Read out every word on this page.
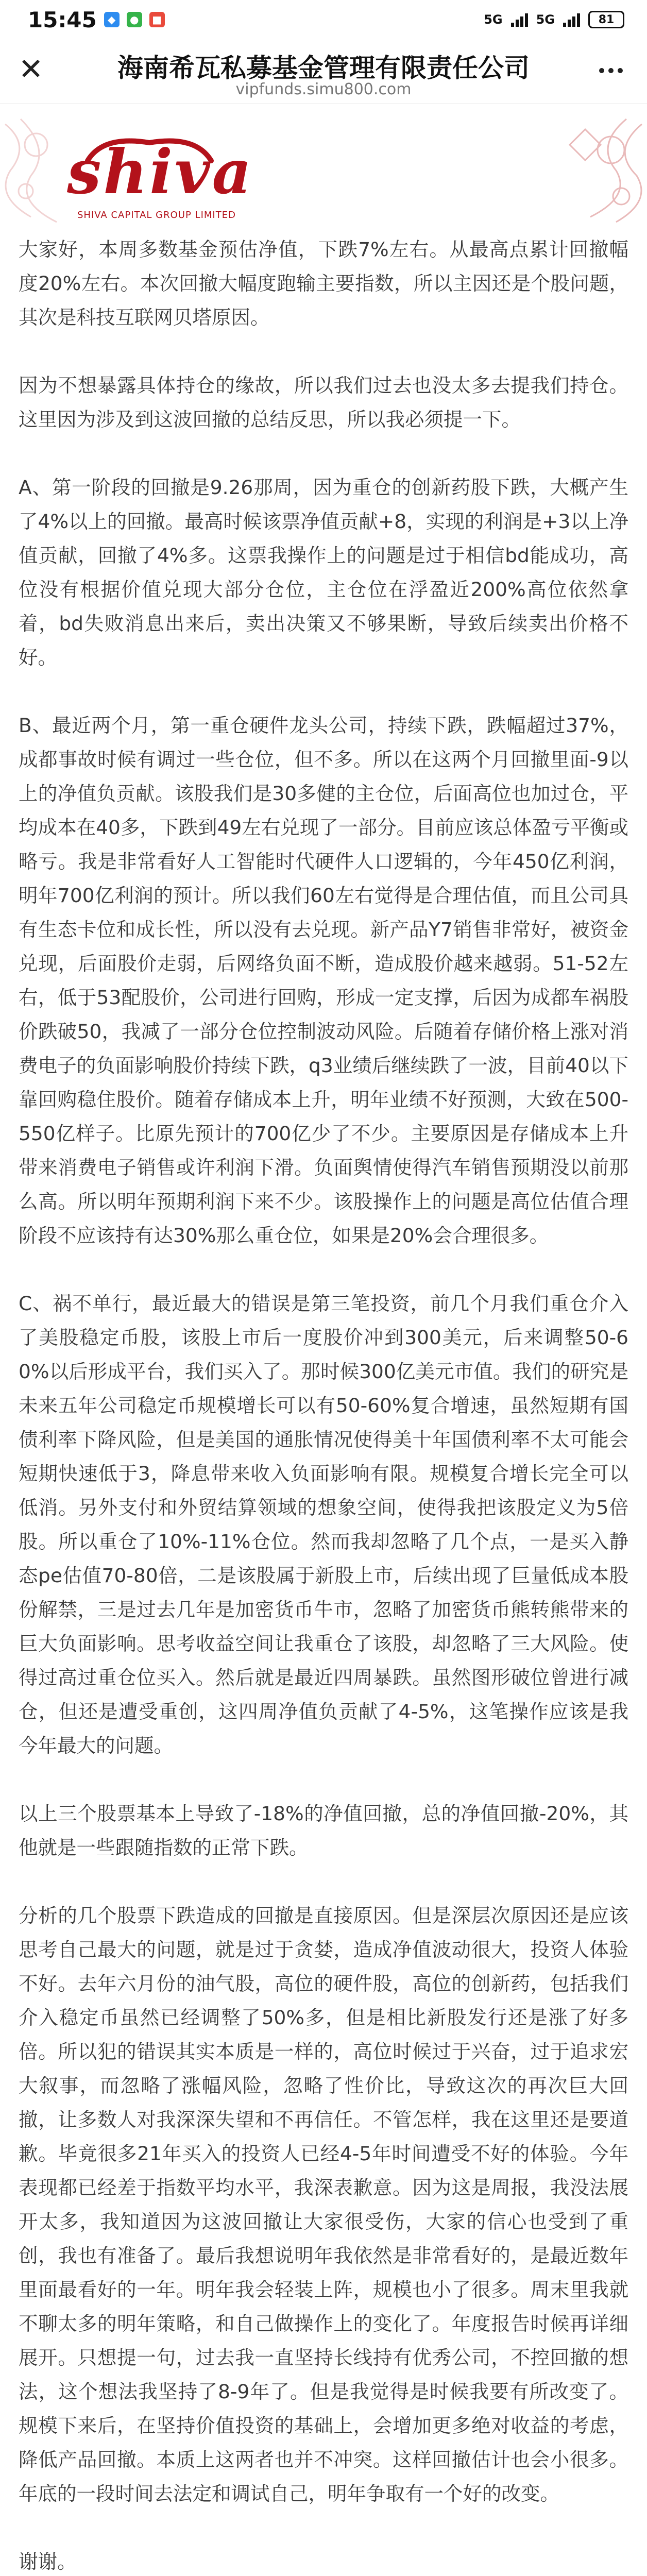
15:45	◆	●	■	5G	5G	81
✕	海南希瓦私募基金管理有限责任公司
vipfunds.simu800.com
shiva
SHIVA CAPITAL GROUP LIMITED

大家好，本周多数基金预估净值，下跌7%左右。从最高点累计回撤幅度20%左右。本次回撤大幅度跑输主要指数，所以主因还是个股问题，其次是科技互联网贝塔原因。

因为不想暴露具体持仓的缘故，所以我们过去也没太多去提我们持仓。这里因为涉及到这波回撤的总结反思，所以我必须提一下。

A、第一阶段的回撤是9.26那周，因为重仓的创新药股下跌，大概产生了4%以上的回撤。最高时候该票净值贡献+8，实现的利润是+3以上净值贡献，回撤了4%多。这票我操作上的问题是过于相信bd能成功，高位没有根据价值兑现大部分仓位，主仓位在浮盈近200%高位依然拿着，bd失败消息出来后，卖出决策又不够果断，导致后续卖出价格不好。

B、最近两个月，第一重仓硬件龙头公司，持续下跌，跌幅超过37%，成都事故时候有调过一些仓位，但不多。所以在这两个月回撤里面-9以上的净值负贡献。该股我们是30多健的主仓位，后面高位也加过仓，平均成本在40多，下跌到49左右兑现了一部分。目前应该总体盈亏平衡或略亏。我是非常看好人工智能时代硬件人口逻辑的，今年450亿利润，明年700亿利润的预计。所以我们60左右觉得是合理估值，而且公司具有生态卡位和成长性，所以没有去兑现。新产品Y7销售非常好，被资金兑现，后面股价走弱，后网络负面不断，造成股价越来越弱。51-52左右，低于53配股价，公司进行回购，形成一定支撑，后因为成都车祸股价跌破50，我减了一部分仓位控制波动风险。后随着存储价格上涨对消费电子的负面影响股价持续下跌，q3业绩后继续跌了一波，目前40以下靠回购稳住股价。随着存储成本上升，明年业绩不好预测，大致在500-550亿样子。比原先预计的700亿少了不少。主要原因是存储成本上升带来消费电子销售或许利润下滑。负面舆情使得汽车销售预期没以前那么高。所以明年预期利润下来不少。该股操作上的问题是高位估值合理阶段不应该持有达30%那么重仓位，如果是20%会合理很多。

C、祸不单行，最近最大的错误是第三笔投资，前几个月我们重仓介入了美股稳定币股，该股上市后一度股价冲到300美元，后来调整50-60%以后形成平台，我们买入了。那时候300亿美元市值。我们的研究是未来五年公司稳定币规模增长可以有50-60%复合增速，虽然短期有国债利率下降风险，但是美国的通胀情况使得美十年国债利率不太可能会短期快速低于3，降息带来收入负面影响有限。规模复合增长完全可以低消。另外支付和外贸结算领域的想象空间，使得我把该股定义为5倍股。所以重仓了10%-11%仓位。然而我却忽略了几个点，一是买入静态pe估值70-80倍，二是该股属于新股上市，后续出现了巨量低成本股份解禁，三是过去几年是加密货币牛市，忽略了加密货币熊转熊带来的巨大负面影响。思考收益空间让我重仓了该股，却忽略了三大风险。使得过高过重仓位买入。然后就是最近四周暴跌。虽然图形破位曾进行减仓，但还是遭受重创，这四周净值负贡献了4-5%，这笔操作应该是我今年最大的问题。

以上三个股票基本上导致了-18%的净值回撤，总的净值回撤-20%，其他就是一些跟随指数的正常下跌。

分析的几个股票下跌造成的回撤是直接原因。但是深层次原因还是应该思考自己最大的问题，就是过于贪婪，造成净值波动很大，投资人体验不好。去年六月份的油气股，高位的硬件股，高位的创新药，包括我们介入稳定币虽然已经调整了50%多，但是相比新股发行还是涨了好多倍。所以犯的错误其实本质是一样的，高位时候过于兴奋，过于追求宏大叙事，而忽略了涨幅风险，忽略了性价比，导致这次的再次巨大回撤，让多数人对我深深失望和不再信任。不管怎样，我在这里还是要道歉。毕竟很多21年买入的投资人已经4-5年时间遭受不好的体验。今年表现都已经差于指数平均水平，我深表歉意。因为这是周报，我没法展开太多，我知道因为这波回撤让大家很受伤，大家的信心也受到了重创，我也有准备了。最后我想说明年我依然是非常看好的，是最近数年里面最看好的一年。明年我会轻装上阵，规模也小了很多。周末里我就不聊太多的明年策略，和自己做操作上的变化了。年度报告时候再详细展开。只想提一句，过去我一直坚持长线持有优秀公司，不控回撤的想法，这个想法我坚持了8-9年了。但是我觉得是时候我要有所改变了。规模下来后，在坚持价值投资的基础上，会增加更多绝对收益的考虑，降低产品回撤。本质上这两者也并不冲突。这样回撤估计也会小很多。年底的一段时间去法定和调试自己，明年争取有一个好的改变。

谢谢。
